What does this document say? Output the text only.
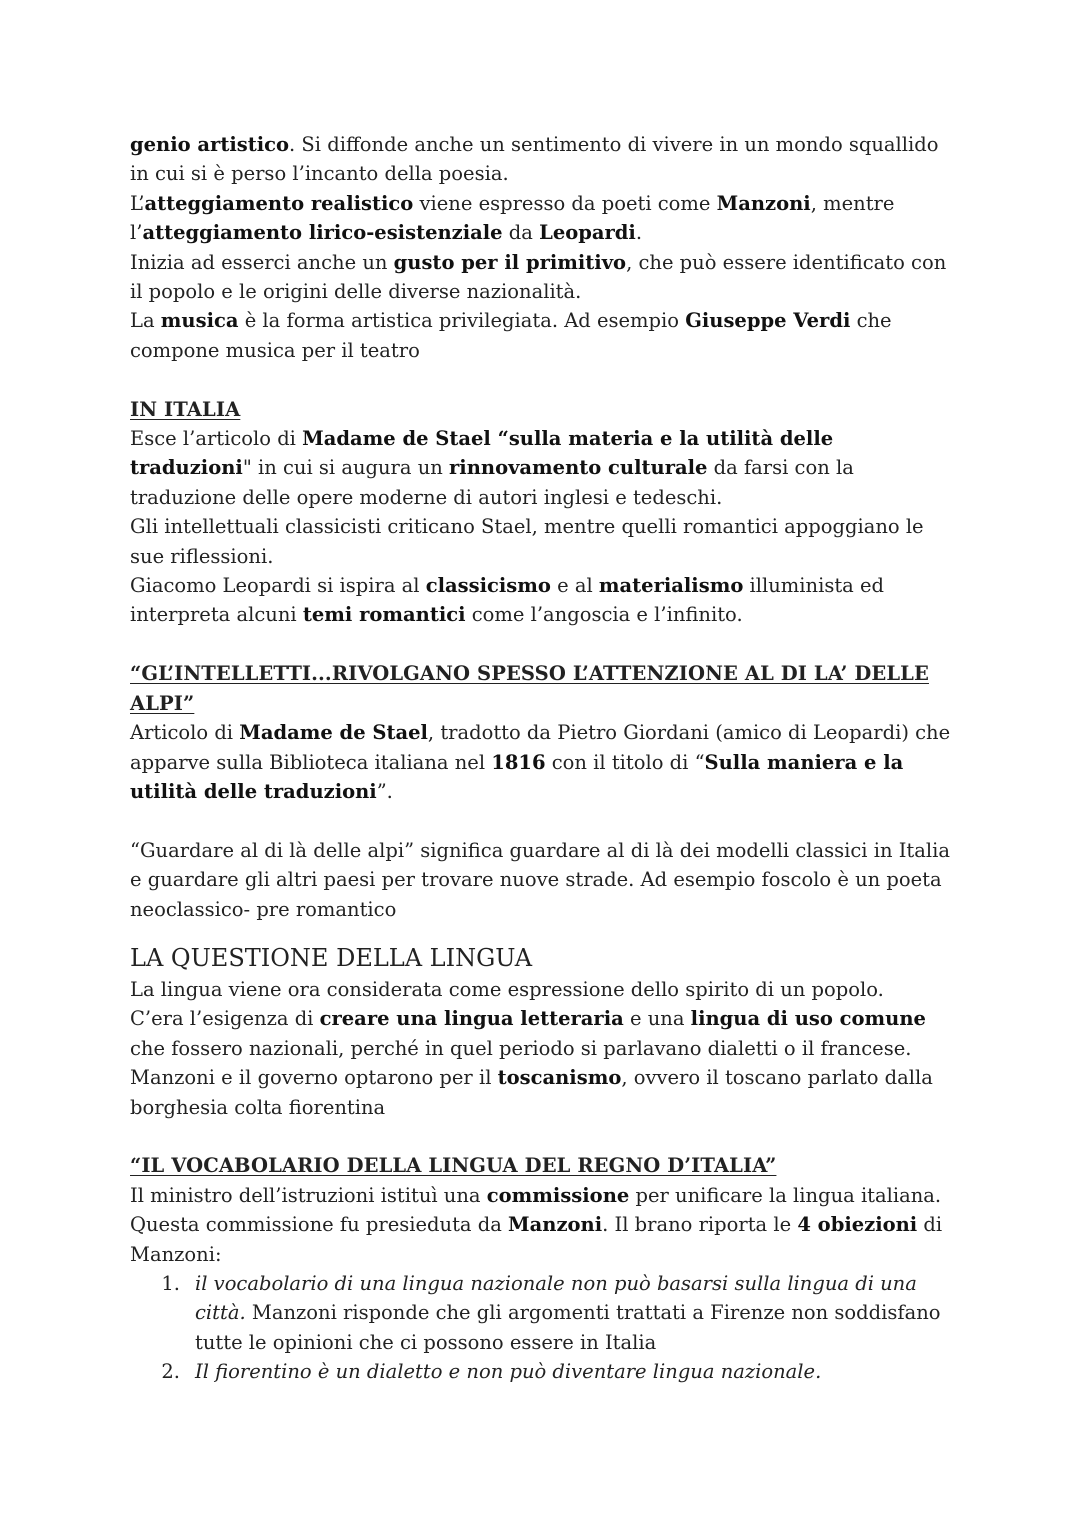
genio artistico. Si diffonde anche un sentimento di vivere in un mondo squallido in cui si è perso l’incanto della poesia.

L’atteggiamento realistico viene espresso da poeti come Manzoni, mentre l’atteggiamento lirico-esistenziale da Leopardi.

Inizia ad esserci anche un gusto per il primitivo, che può essere identificato con il popolo e le origini delle diverse nazionalità.

La musica è la forma artistica privilegiata. Ad esempio Giuseppe Verdi che compone musica per il teatro

IN ITALIA

Esce l’articolo di Madame de Stael “sulla materia e la utilità delle traduzioni" in cui si augura un rinnovamento culturale da farsi con la traduzione delle opere moderne di autori inglesi e tedeschi.

Gli intellettuali classicisti criticano Stael, mentre quelli romantici appoggiano le sue riflessioni.

Giacomo Leopardi si ispira al classicismo e al materialismo illuminista ed interpreta alcuni temi romantici come l’angoscia e l’infinito.

“GL’INTELLETTI...RIVOLGANO SPESSO L’ATTENZIONE AL DI LA’ DELLE ALPI”

Articolo di Madame de Stael, tradotto da Pietro Giordani (amico di Leopardi) che apparve sulla Biblioteca italiana nel 1816 con il titolo di “Sulla maniera e la utilità delle traduzioni”.

“Guardare al di là delle alpi” significa guardare al di là dei modelli classici in Italia e guardare gli altri paesi per trovare nuove strade. Ad esempio foscolo è un poeta neoclassico- pre romantico

LA QUESTIONE DELLA LINGUA

La lingua viene ora considerata come espressione dello spirito di un popolo.

C’era l’esigenza di creare una lingua letteraria e una lingua di uso comune che fossero nazionali, perché in quel periodo si parlavano dialetti o il francese.

Manzoni e il governo optarono per il toscanismo, ovvero il toscano parlato dalla borghesia colta fiorentina

“IL VOCABOLARIO DELLA LINGUA DEL REGNO D’ITALIA”

Il ministro dell’istruzioni istituì una commissione per unificare la lingua italiana. Questa commissione fu presieduta da Manzoni. Il brano riporta le 4 obiezioni di Manzoni:

1. il vocabolario di una lingua nazionale non può basarsi sulla lingua di una città. Manzoni risponde che gli argomenti trattati a Firenze non soddisfano tutte le opinioni che ci possono essere in Italia
2. Il fiorentino è un dialetto e non può diventare lingua nazionale.
